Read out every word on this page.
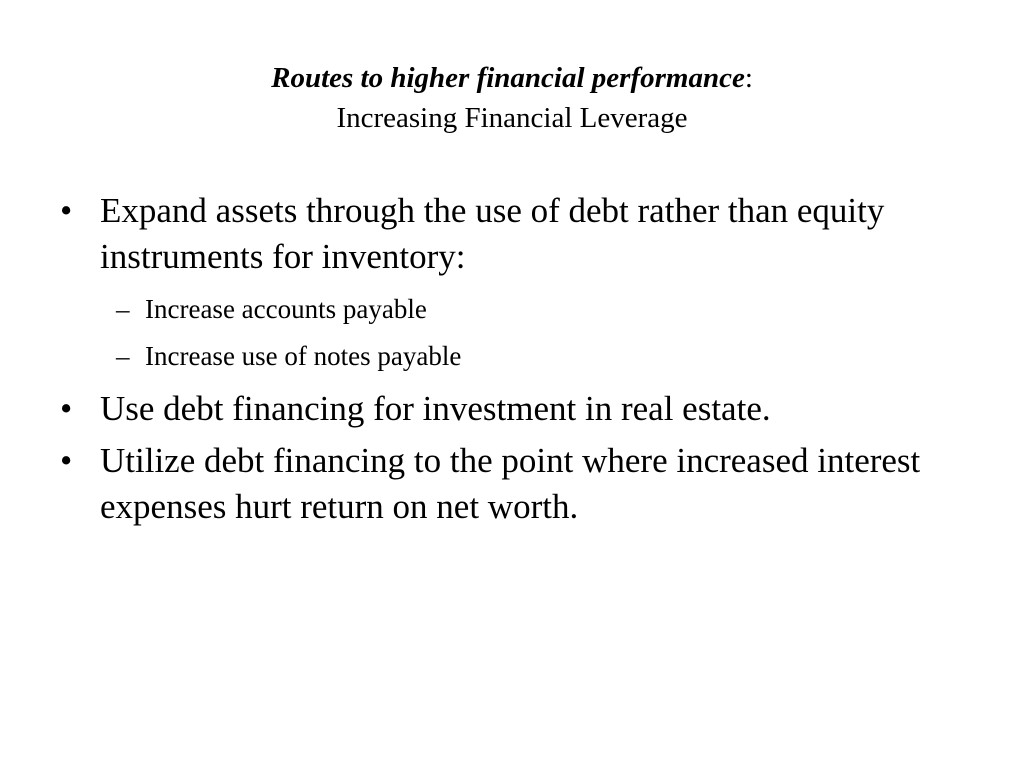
Routes to higher financial performance:
Increasing Financial Leverage
• Expand assets through the use of debt rather than equity instruments for inventory:
– Increase accounts payable
– Increase use of notes payable
• Use debt financing for investment in real estate.
• Utilize debt financing to the point where increased interest expenses hurt return on net worth.
